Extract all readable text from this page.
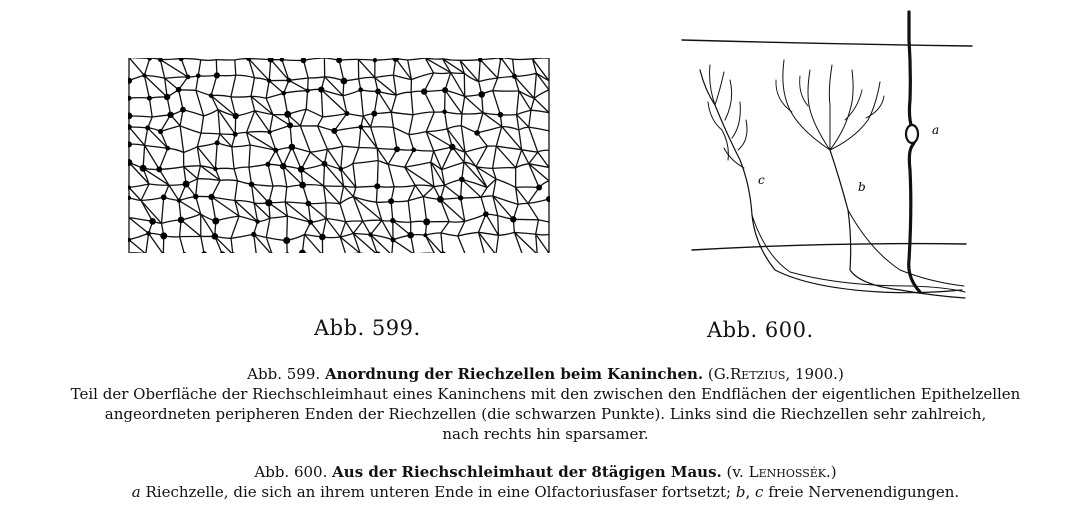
a
b
c
Abb. 599.	Abb. 600.
Abb. 599. Anordnung der Riechzellen beim Kaninchen. (G.Retzius, 1900.)
Teil der Oberfläche der Riechschleimhaut eines Kaninchens mit den zwischen den Endflächen der eigentlichen Epithelzellen
angeordneten peripheren Enden der Riechzellen (die schwarzen Punkte). Links sind die Riechzellen sehr zahlreich,
nach rechts hin sparsamer.
Abb. 600. Aus der Riechschleimhaut der 8tägigen Maus. (v. Lenhossék.)
a Riechzelle, die sich an ihrem unteren Ende in eine Olfactoriusfaser fortsetzt; b, c freie Nervenendigungen.
